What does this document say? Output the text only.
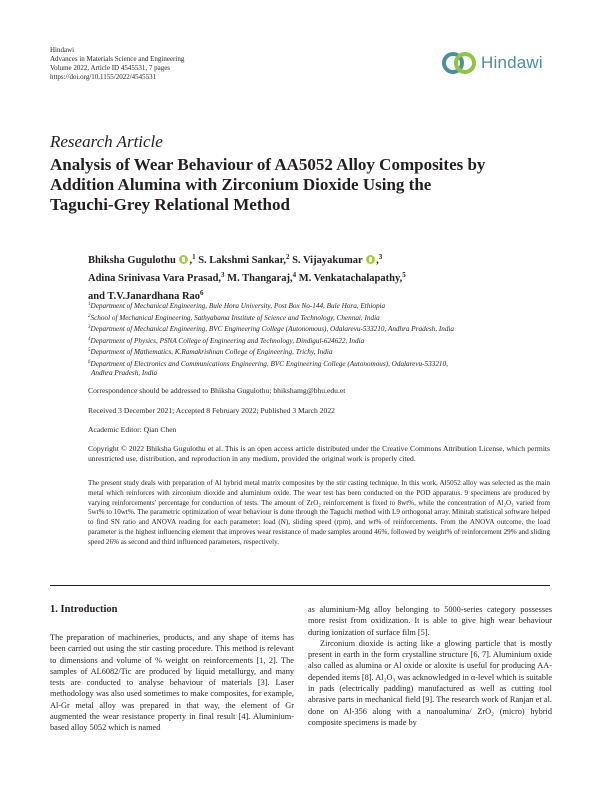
Hindawi
Advances in Materials Science and Engineering
Volume 2022, Article ID 4545531, 7 pages
https://doi.org/10.1155/2022/4545531
Hindawi
Research Article
Analysis of Wear Behaviour of AA5052 Alloy Composites by
Addition Alumina with Zirconium Dioxide Using the
Taguchi-Grey Relational Method
Bhiksha Gugulothu ,$^1$ S. Lakshmi Sankar,$^2$ S. Vijayakumar ,$^3$
Adina Srinivasa Vara Prasad,$^3$ M. Thangaraj,$^4$ M. Venkatachalapathy,$^5$
and T.V.Janardhana Rao$^6$
$^1$Department of Mechanical Engineering, Bule Hora University, Post Box No-144, Bule Hora, Ethiopia
$^2$School of Mechanical Engineering, Sathyabama Institute of Science and Technology, Chennai, India
$^3$Department of Mechanical Engineering, BVC Engineering College (Autonomous), Odalarevu-533210, Andhra Pradesh, India
$^4$Department of Physics, PSNA College of Engineering and Technology, Dindigul-624622, India
$^5$Department of Mathematics, K.Ramakrishnan College of Engineering, Trichy, India
$^6$Department of Electronics and Communications Engineering, BVC Engineering College (Autonomous), Odalarevu-533210,
Andhra Pradesh, India
Correspondence should be addressed to Bhiksha Gugulothu; bhikshamg@bhu.edu.et
Received 3 December 2021; Accepted 8 February 2022; Published 3 March 2022
Academic Editor: Qian Chen
Copyright © 2022 Bhiksha Gugulothu et al. This is an open access article distributed under the Creative Commons Attribution License, which permits unrestricted use, distribution, and reproduction in any medium, provided the original work is properly cited.
The present study deals with preparation of Al hybrid metal matrix composites by the stir casting technique. In this work, Al5052 alloy was selected as the main metal which reinforces with zirconium dioxide and aluminium oxide. The wear test has been conducted on the POD apparatus. 9 specimens are produced by varying reinforcements' percentage for conduction of tests. The amount of ZrO₂ reinforcement is fixed to 8wt%, while the concentration of Al₂O₃ varied from 5wt% to 10wt%. The parametric optimization of wear behaviour is done through the Taguchi method with L9 orthogonal array. Minitab statistical software helped to find SN ratio and ANOVA reading for each parameter: load (N), sliding speed (rpm), and wt% of reinforcements. From the ANOVA outcome, the load parameter is the highest influencing element that improves wear resistance of made samples around 46%, followed by weight% of reinforcement 29% and sliding speed 26% as second and third influenced parameters, respectively.
1. Introduction

The preparation of machineries, products, and any shape of items has been carried out using the stir casting procedure. This method is relevant to dimensions and volume of % weight on reinforcements [1, 2]. The samples of AL6082/Tic are produced by liquid metallurgy, and many tests are conducted to analyse behaviour of materials [3]. Laser methodology was also used sometimes to make composites, for example, Al-Gr metal alloy was prepared in that way, the element of Gr augmented the wear resistance property in final result [4]. Aluminium-based alloy 5052 which is named

as aluminium-Mg alloy belonging to 5000-series category possesses more resist from oxidization. It is able to give high wear behaviour during ionization of surface film [5].

Zirconium dioxide is acting like a glowing particle that is mostly present in earth in the form crystalline structure [6, 7]. Aluminium oxide also called as alumina or Al oxide or aloxite is useful for producing AA-depended items [8]. Al₂O₃ was acknowledged in α-level which is suitable in pads (electrically padding) manufactured as well as cutting tool abrasive parts in mechanical field [9]. The research work of Ranjan et al. done on Al-356 along with a nanoalumina/ ZrO₂ (micro) hybrid composite specimens is made by
